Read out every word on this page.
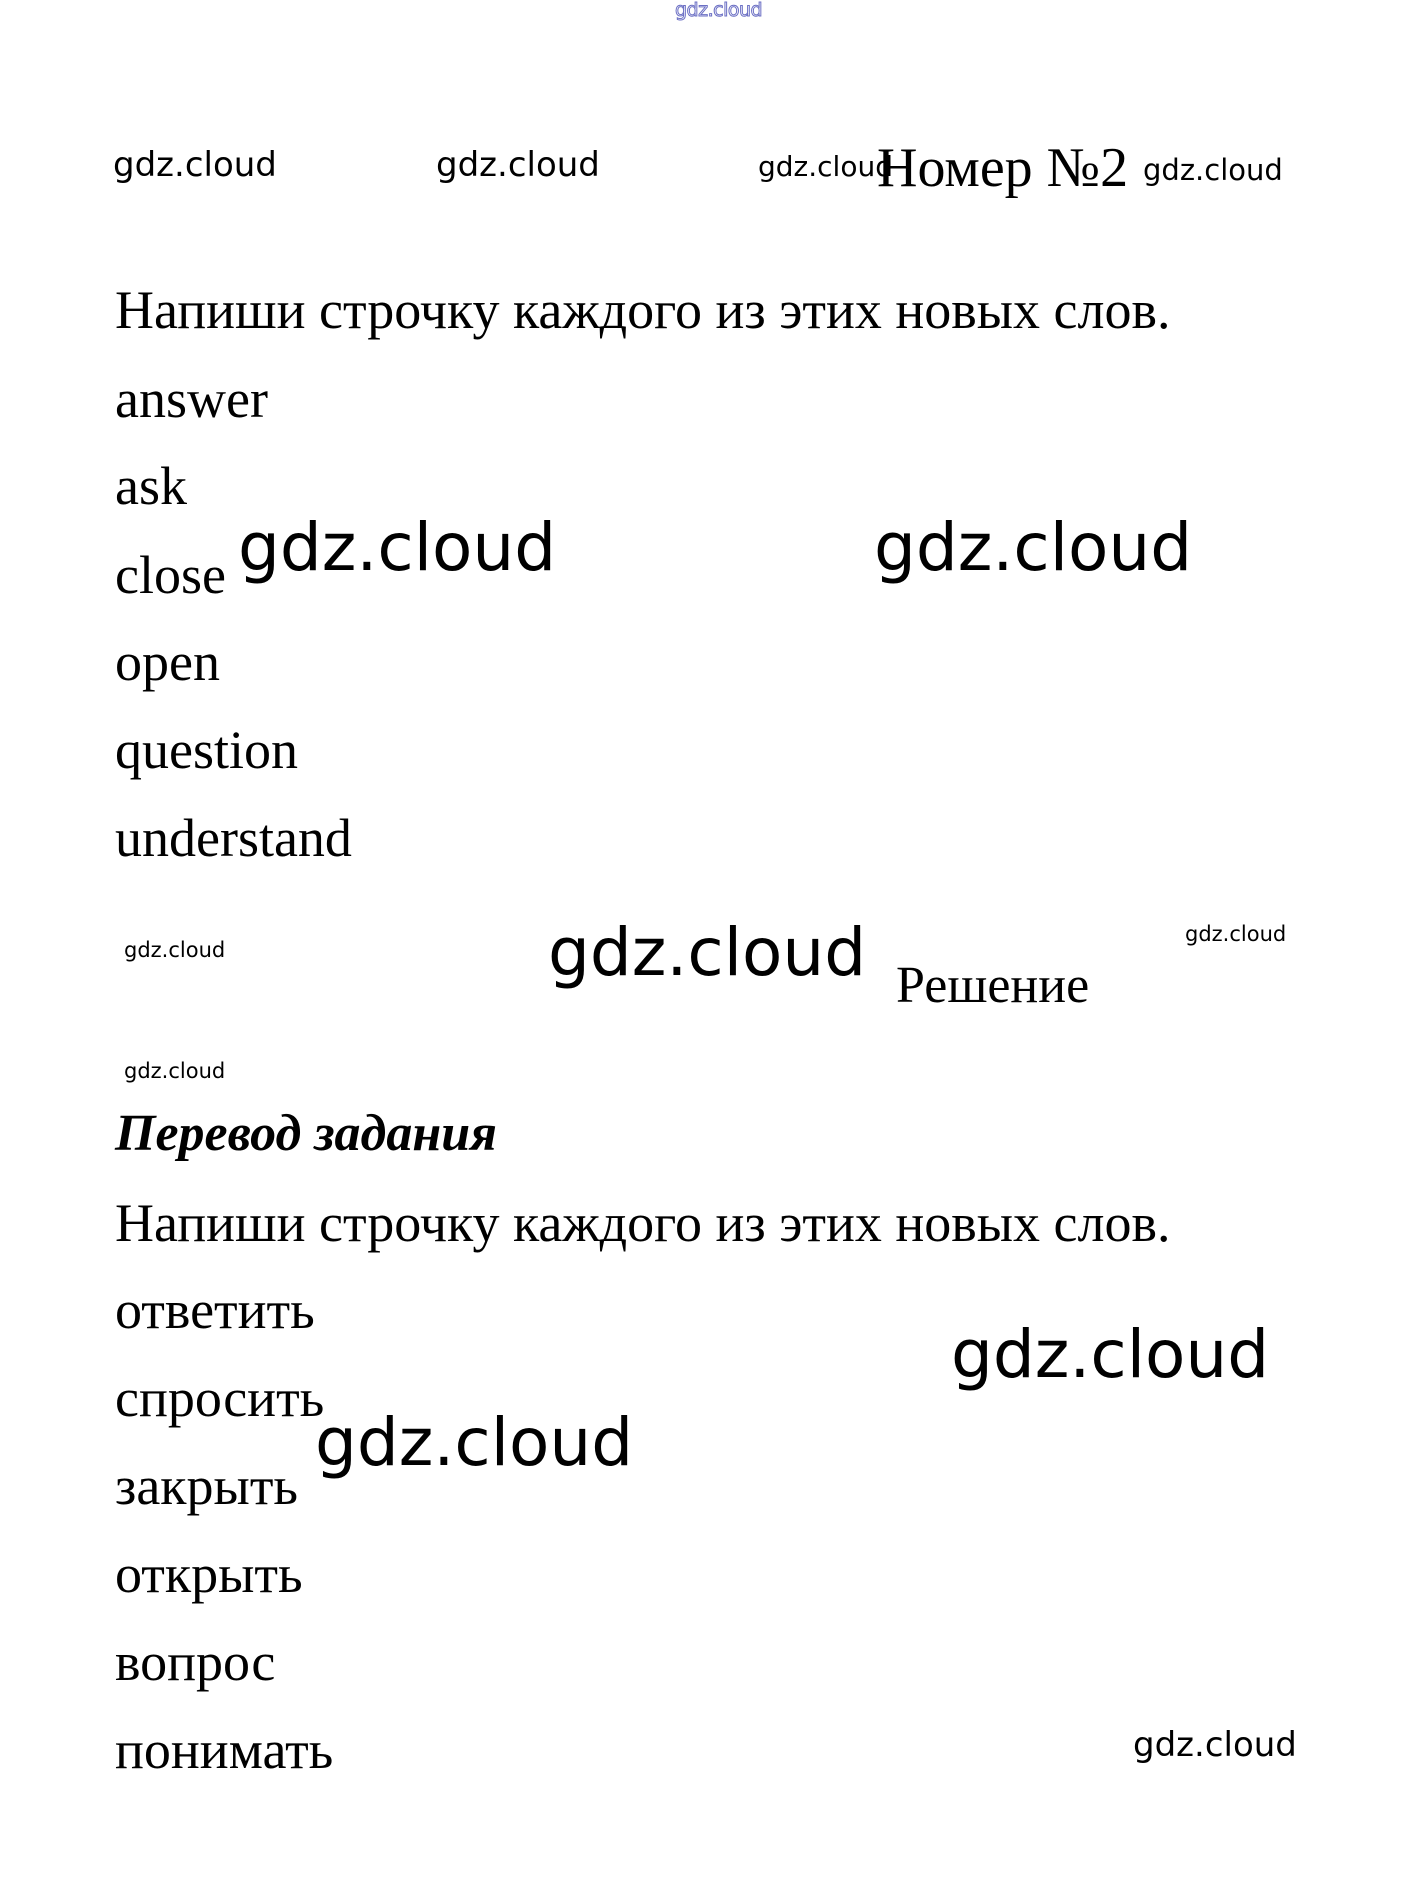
gdz.cloud
gdz.cloud	gdz.cloud	gdz.cloud
Номер №2 gdz.cloud
Напиши строчку каждого из этих новых слов.
answer
ask
close
open
question
understand
gdz.cloud	gdz.cloud
gdz.cloud	gdz.cloud Решение
gdz.cloud
gdz.cloud
Перевод задания
Напиши строчку каждого из этих новых слов.
ответить
спросить
закрыть
открыть
вопрос
понимать
gdz.cloud
gdz.cloud
gdz.cloud
